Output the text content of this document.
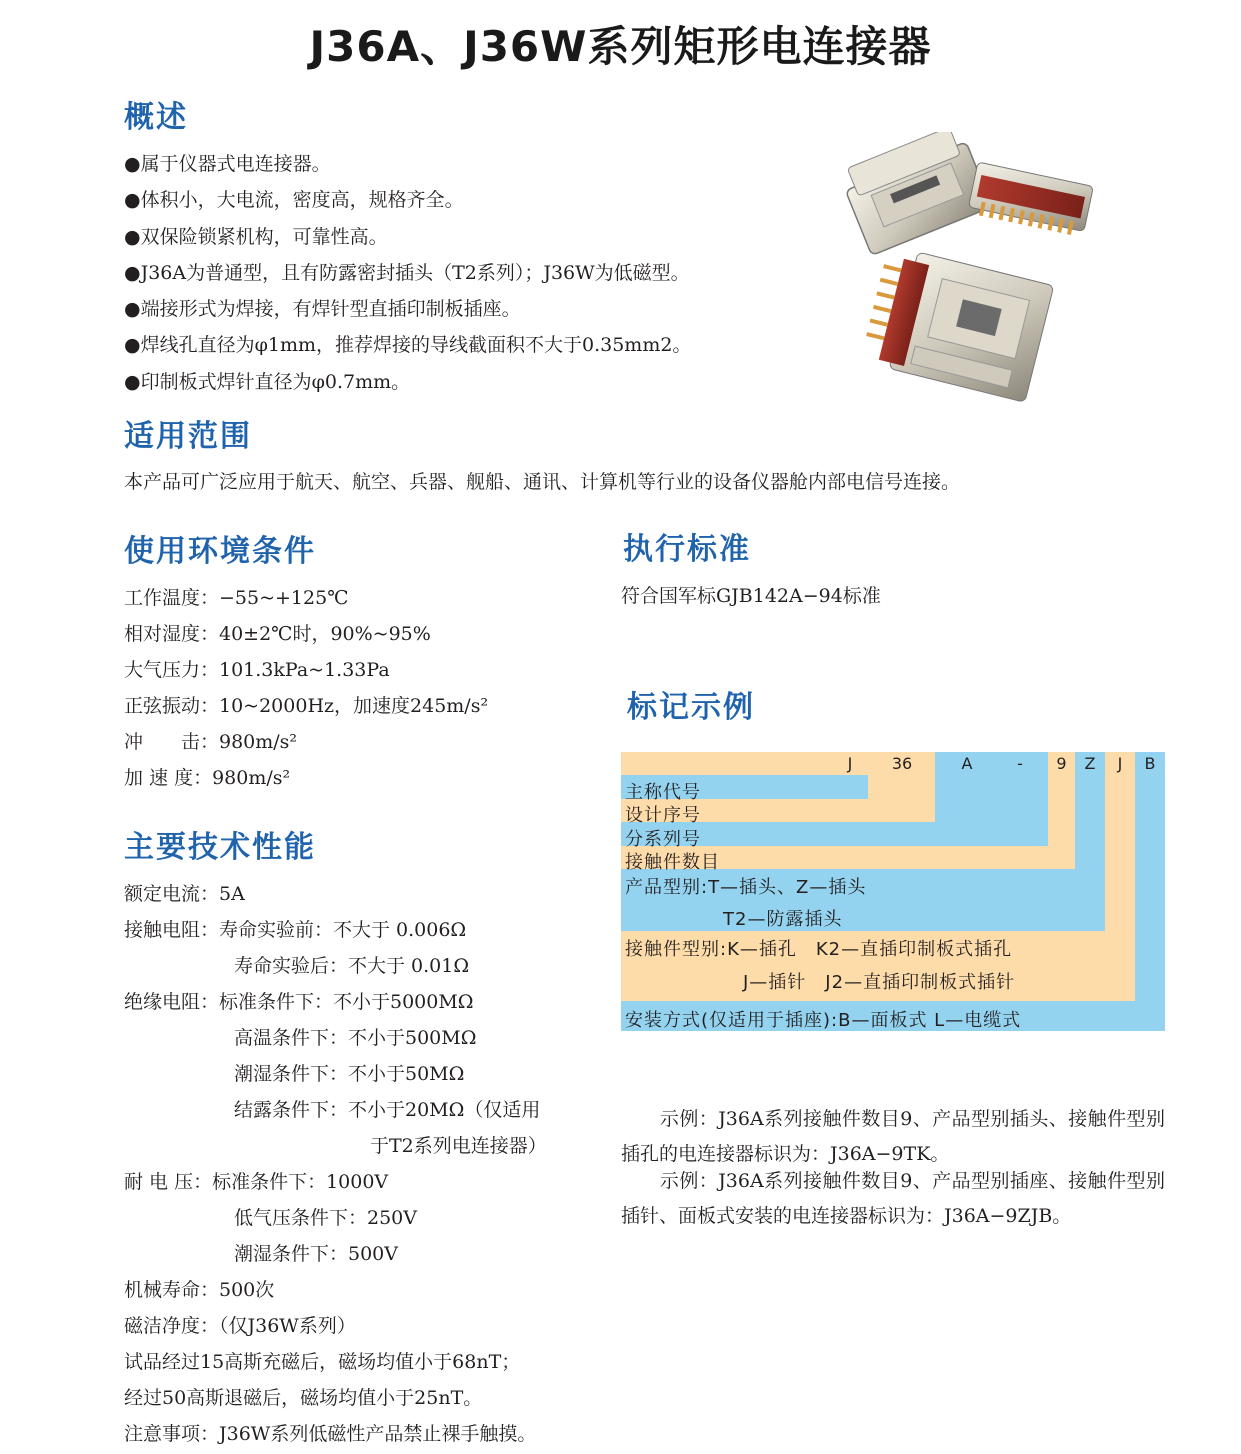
J36A、J36W系列矩形电连接器
概述
●属于仪器式电连接器。
●体积小，大电流，密度高，规格齐全。
●双保险锁紧机构，可靠性高。
●J36A为普通型，且有防露密封插头（T2系列）；J36W为低磁型。
●端接形式为焊接，有焊针型直插印制板插座。
●焊线孔直径为φ1mm，推荐焊接的导线截面积不大于0.35mm2。
●印制板式焊针直径为φ0.7mm。
适用范围
本产品可广泛应用于航天、航空、兵器、舰船、通讯、计算机等行业的设备仪器舱内部电信号连接。
使用环境条件
工作温度：−55~+125℃
相对湿度：40±2℃时，90%~95%
大气压力：101.3kPa~1.33Pa
正弦振动：10~2000Hz，加速度245m/s²
冲　　击：980m/s²
加 速 度：980m/s²
主要技术性能
额定电流：5A
接触电阻：寿命实验前：不大于 0.006Ω
寿命实验后：不大于 0.01Ω
绝缘电阻：标准条件下：不小于5000MΩ
高温条件下：不小于500MΩ
潮湿条件下：不小于50MΩ
结露条件下：不小于20MΩ（仅适用
于T2系列电连接器）
耐 电 压：标准条件下：1000V
低气压条件下：250V
潮湿条件下：500V
机械寿命：500次
磁洁净度：（仅J36W系列）
试品经过15高斯充磁后，磁场均值小于68nT；
经过50高斯退磁后，磁场均值小于25nT。
注意事项：J36W系列低磁性产品禁止裸手触摸。
执行标准
符合国军标GJB142A−94标准
标记示例
J	36	A	-	9	Z	J	B
主称代号
设计序号
分系列号
接触件数目
产品型别:T—插头、Z—插头
T2—防露插头
接触件型别:K—插孔　K2—直插印制板式插孔
J—插针　J2—直插印制板式插针
安装方式(仅适用于插座):B—面板式 L—电缆式
　　示例：J36A系列接触件数目9、产品型别插头、接触件型别插孔的电连接器标识为：J36A−9TK。
　　示例：J36A系列接触件数目9、产品型别插座、接触件型别插针、面板式安装的电连接器标识为：J36A−9ZJB。
